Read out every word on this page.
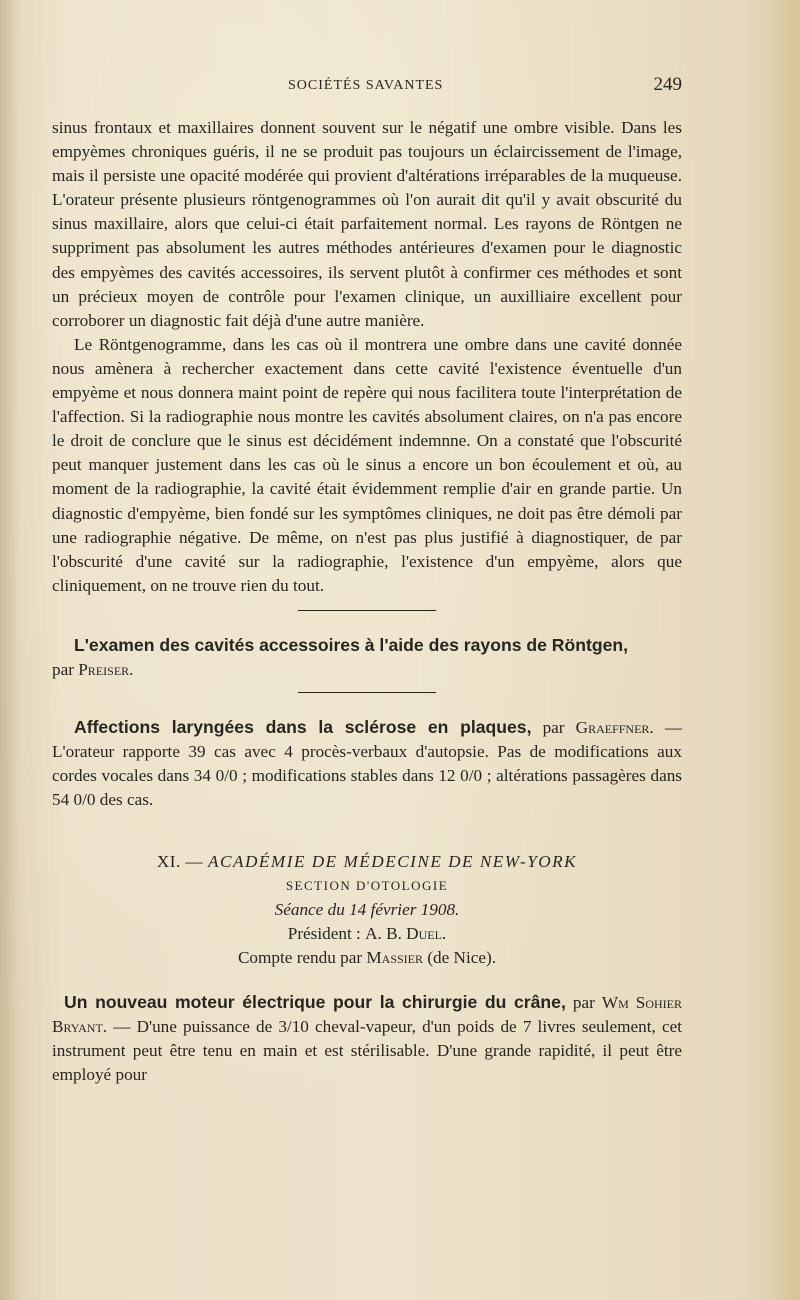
SOCIÉTÉS SAVANTES	249

sinus frontaux et maxillaires donnent souvent sur le négatif une ombre visible. Dans les empyèmes chroniques guéris, il ne se produit pas toujours un éclaircissement de l'image, mais il persiste une opacité modérée qui provient d'altérations irréparables de la muqueuse. L'orateur présente plusieurs röntgenogrammes où l'on aurait dit qu'il y avait obscurité du sinus maxillaire, alors que celui-ci était parfaitement normal. Les rayons de Röntgen ne suppriment pas absolument les autres méthodes antérieures d'examen pour le diagnostic des empyèmes des cavités accessoires, ils servent plutôt à confirmer ces méthodes et sont un précieux moyen de contrôle pour l'examen clinique, un auxilliaire excellent pour corroborer un diagnostic fait déjà d'une autre manière.

Le Röntgenogramme, dans les cas où il montrera une ombre dans une cavité donnée nous amènera à rechercher exactement dans cette cavité l'existence éventuelle d'un empyème et nous donnera maint point de repère qui nous facilitera toute l'interprétation de l'affection. Si la radiographie nous montre les cavités absolument claires, on n'a pas encore le droit de conclure que le sinus est décidément indemnne. On a constaté que l'obscurité peut manquer justement dans les cas où le sinus a encore un bon écoulement et où, au moment de la radiographie, la cavité était évidemment remplie d'air en grande partie. Un diagnostic d'empyème, bien fondé sur les symptômes cliniques, ne doit pas être démoli par une radiographie négative. De même, on n'est pas plus justifié à diagnostiquer, de par l'obscurité d'une cavité sur la radiographie, l'existence d'un empyème, alors que cliniquement, on ne trouve rien du tout.

L'examen des cavités accessoires à l'aide des rayons de Röntgen,
par Preiser.
Affections laryngées dans la sclérose en plaques, par Graeffner. — L'orateur rapporte 39 cas avec 4 procès-verbaux d'autopsie. Pas de modifications aux cordes vocales dans 34 0/0 ; modifications stables dans 12 0/0 ; altérations passagères dans 54 0/0 des cas.
XI. — ACADÉMIE DE MÉDECINE DE NEW-YORK
SECTION D'OTOLOGIE
Séance du 14 février 1908.
Président : A. B. Duel.
Compte rendu par Massier (de Nice).
Un nouveau moteur électrique pour la chirurgie du crâne, par Wm Sohier Bryant. — D'une puissance de 3/10 cheval-vapeur, d'un poids de 7 livres seulement, cet instrument peut être tenu en main et est stérilisable. D'une grande rapidité, il peut être employé pour
